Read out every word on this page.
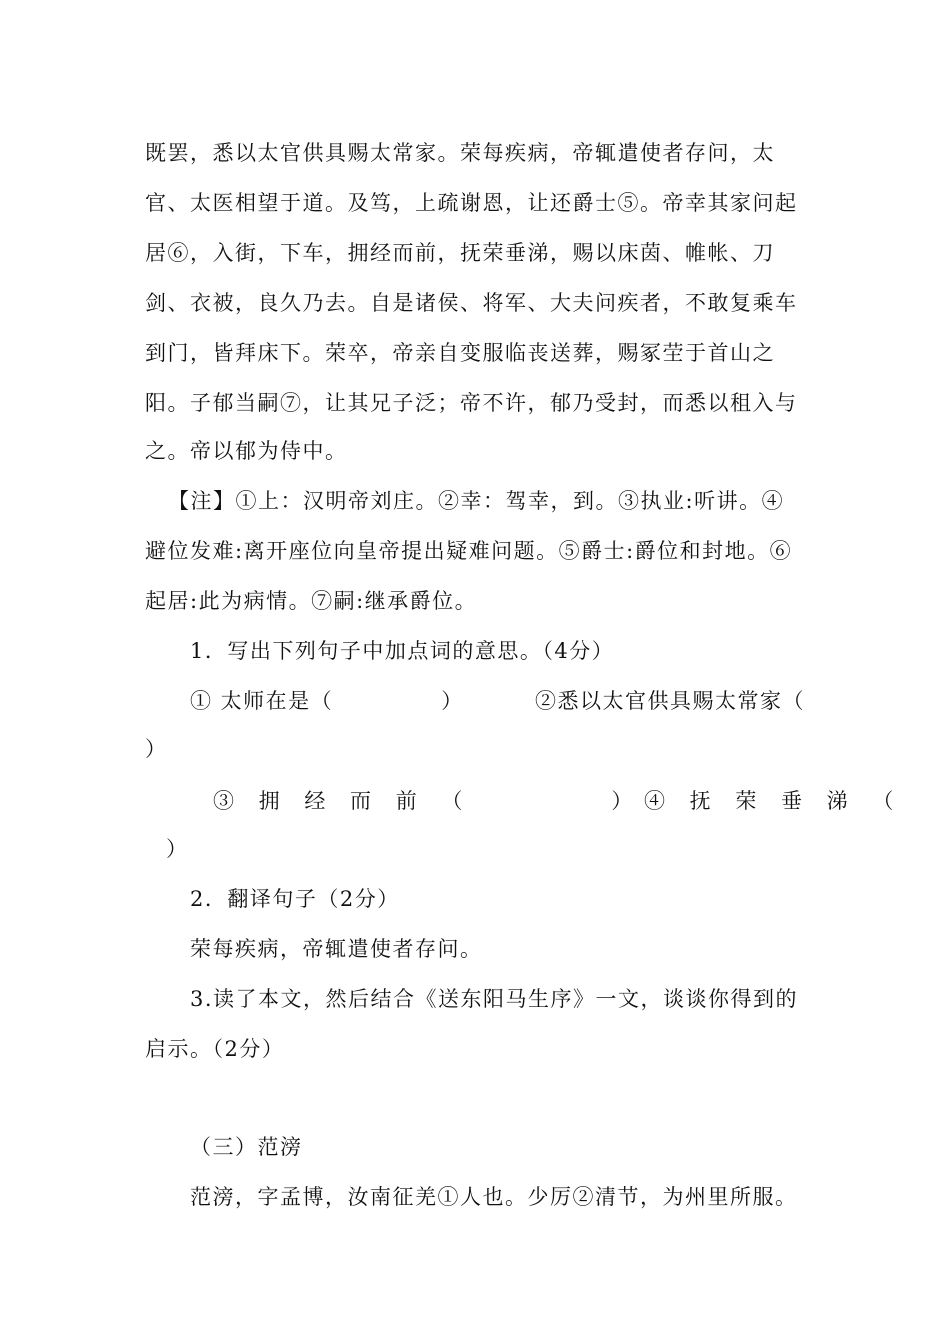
既罢，悉以太官供具赐太常家。荣每疾病，帝辄遣使者存问，太
官、太医相望于道。及笃，上疏谢恩，让还爵士⑤。帝幸其家问起
居⑥，入街，下车，拥经而前，抚荣垂涕，赐以床茵、帷帐、刀
剑、衣被，良久乃去。自是诸侯、将军、大夫问疾者，不敢复乘车
到门，皆拜床下。荣卒，帝亲自变服临丧送葬，赐冢茔于首山之
阳。子郁当嗣⑦，让其兄子泛；帝不许，郁乃受封，而悉以租入与
之。帝以郁为侍中。
【注】①上：汉明帝刘庄。②幸：驾幸，到。③执业:听讲。④
避位发难:离开座位向皇帝提出疑难问题。⑤爵士:爵位和封地。⑥
起居:此为病情。⑦嗣:继承爵位。
1．写出下列句子中加点词的意思。（4分）
① 太师在是（	）	②悉以太官供具赐太常家（
）
③ 拥 经 而 前 （	） ④ 抚 荣 垂 涕 （
）
2．翻译句子（2分）
荣每疾病，帝辄遣使者存问。
3.读了本文，然后结合《送东阳马生序》一文，谈谈你得到的
启示。（2分）
（三）范滂
范滂，字孟博，汝南征羌①人也。少厉②清节，为州里所服。
